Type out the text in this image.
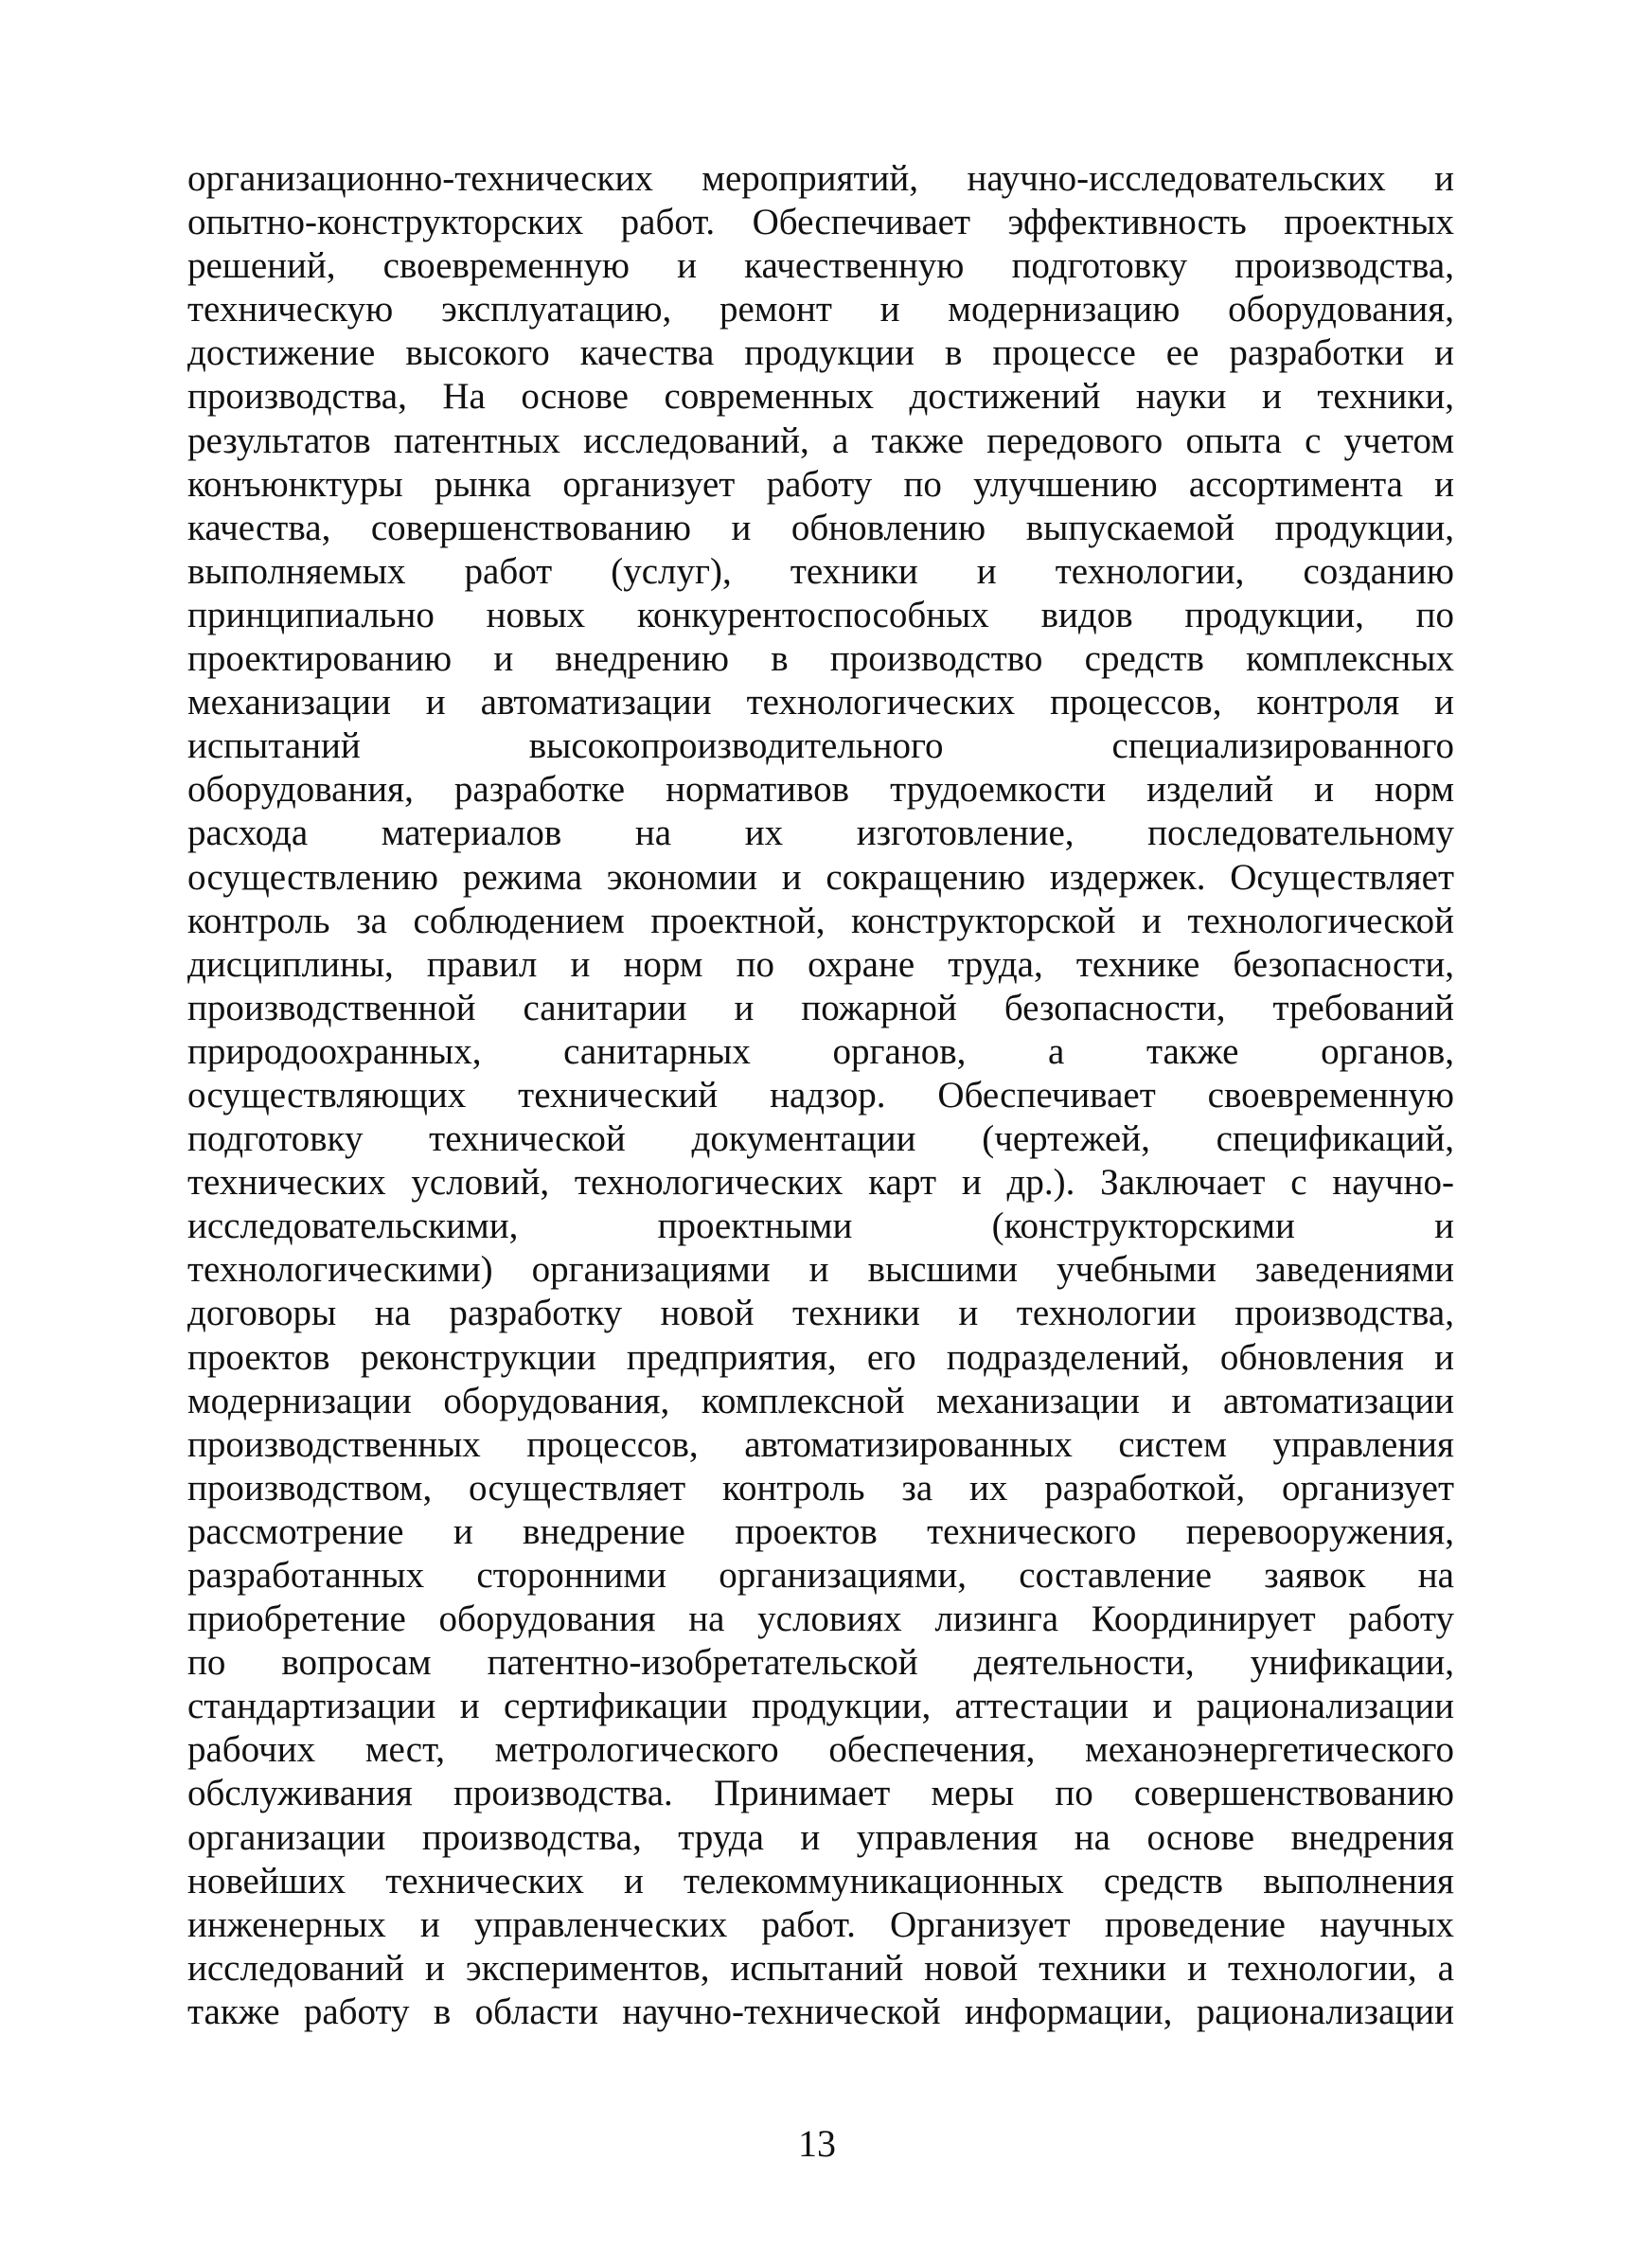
организационно-технических мероприятий, научно-исследовательских и
опытно-конструкторских работ. Обеспечивает эффективность проектных
решений, своевременную и качественную подготовку производства,
техническую эксплуатацию, ремонт и модернизацию оборудования,
достижение высокого качества продукции в процессе ее разработки и
производства, На основе современных достижений науки и техники,
результатов патентных исследований, а также передового опыта с учетом
конъюнктуры рынка организует работу по улучшению ассортимента и
качества, совершенствованию и обновлению выпускаемой продукции,
выполняемых работ (услуг), техники и технологии, созданию
принципиально новых конкурентоспособных видов продукции, по
проектированию и внедрению в производство средств комплексных
механизации и автоматизации технологических процессов, контроля и
испытаний высокопроизводительного специализированного
оборудования, разработке нормативов трудоемкости изделий и норм
расхода материалов на их изготовление, последовательному
осуществлению режима экономии и сокращению издержек. Осуществляет
контроль за соблюдением проектной, конструкторской и технологической
дисциплины, правил и норм по охране труда, технике безопасности,
производственной санитарии и пожарной безопасности, требований
природоохранных, санитарных органов, а также органов,
осуществляющих технический надзор. Обеспечивает своевременную
подготовку технической документации (чертежей, спецификаций,
технических условий, технологических карт и др.). Заключает с научно-
исследовательскими, проектными (конструкторскими и
технологическими) организациями и высшими учебными заведениями
договоры на разработку новой техники и технологии производства,
проектов реконструкции предприятия, его подразделений, обновления и
модернизации оборудования, комплексной механизации и автоматизации
производственных процессов, автоматизированных систем управления
производством, осуществляет контроль за их разработкой, организует
рассмотрение и внедрение проектов технического перевооружения,
разработанных сторонними организациями, составление заявок на
приобретение оборудования на условиях лизинга Координирует работу
по вопросам патентно-изобретательской деятельности, унификации,
стандартизации и сертификации продукции, аттестации и рационализации
рабочих мест, метрологического обеспечения, механоэнергетического
обслуживания производства. Принимает меры по совершенствованию
организации производства, труда и управления на основе внедрения
новейших технических и телекоммуникационных средств выполнения
инженерных и управленческих работ. Организует проведение научных
исследований и экспериментов, испытаний новой техники и технологии, а
также работу в области научно-технической информации, рационализации
13
